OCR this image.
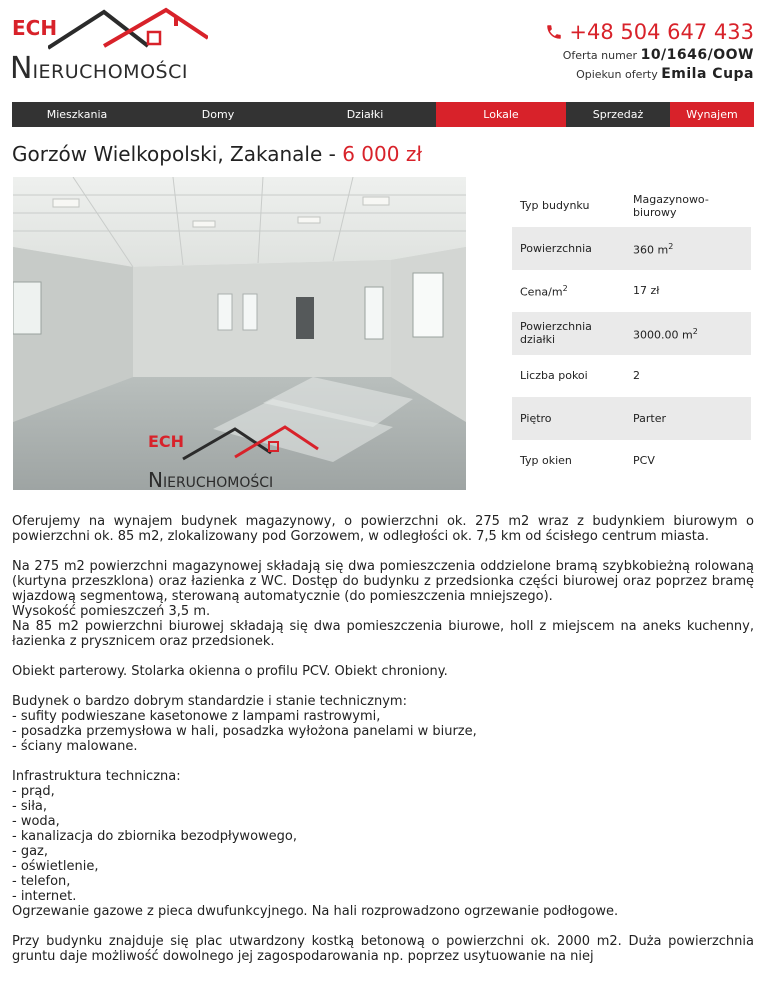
ECH
NIERUCHOMOŚCI
+48 504 647 433
Oferta numer 10/1646/OOW
Opiekun oferty Emila Cupa
Mieszkania	Domy	Działki	Lokale	Sprzedaż	Wynajem
Gorzów Wielkopolski, Zakanale - 6 000 zł
ECH
NIERUCHOMOŚCI
Typ budynku	Magazynowo-biurowy
Powierzchnia	360 $m^2$
Cena/$m^2$	17 zł
Powierzchnia działki	3000.00 $m^2$
Liczba pokoi	2
Piętro	Parter
Typ okien	PCV

Oferujemy na wynajem budynek magazynowy, o powierzchni ok. 275 m2 wraz z budynkiem biurowym o powierzchni ok. 85 m2, zlokalizowany pod Gorzowem, w odległości ok. 7,5 km od ścisłego centrum miasta.

Na 275 m2 powierzchni magazynowej składają się dwa pomieszczenia oddzielone bramą szybkobieżną rolowaną (kurtyna przeszklona) oraz łazienka z WC. Dostęp do budynku z przedsionka części biurowej oraz poprzez bramę wjazdową segmentową, sterowaną automatycznie (do pomieszczenia mniejszego).
Wysokość pomieszczeń 3,5 m.
Na 85 m2 powierzchni biurowej składają się dwa pomieszczenia biurowe, holl z miejscem na aneks kuchenny, łazienka z prysznicem oraz przedsionek.

Obiekt parterowy. Stolarka okienna o profilu PCV. Obiekt chroniony.

Budynek o bardzo dobrym standardzie i stanie technicznym:
- sufity podwieszane kasetonowe z lampami rastrowymi,
- posadzka przemysłowa w hali, posadzka wyłożona panelami w biurze,
- ściany malowane.

Infrastruktura techniczna:
- prąd,
- siła,
- woda,
- kanalizacja do zbiornika bezodpływowego,
- gaz,
- oświetlenie,
- telefon,
- internet.
Ogrzewanie gazowe z pieca dwufunkcyjnego. Na hali rozprowadzono ogrzewanie podłogowe.

Przy budynku znajduje się plac utwardzony kostką betonową o powierzchni ok. 2000 m2. Duża powierzchnia gruntu daje możliwość dowolnego jej zagospodarowania np. poprzez usytuowanie na niej
